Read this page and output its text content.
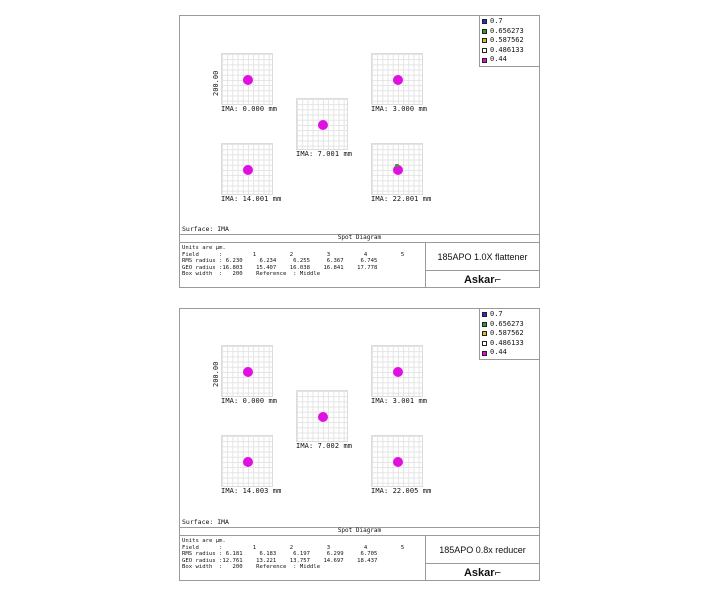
200.00
IMA: 0.000 mm	IMA: 3.000 mm
IMA: 7.001 mm
IMA: 14.001 mm	IMA: 22.001 mm
Surface: IMA
0.7
0.656273
0.587562
0.486133
0.44
Spot Diagram
Units are µm.
Field      :         1          2          3          4          5
RMS radius : 6.230     6.234     6.255     6.367     6.745
GEO radius :16.803    15.407    16.038    16.841    17.778
Box width  :   200    Reference  : Middle
185APO 1.0X flattener
Askar⌐
200.00
IMA: 0.000 mm	IMA: 3.001 mm
IMA: 7.002 mm
IMA: 14.003 mm	IMA: 22.005 mm
Surface: IMA
0.7
0.656273
0.587562
0.486133
0.44
Spot Diagram
Units are µm.
Field      :         1          2          3          4          5
RMS radius : 6.181     6.183     6.197     6.299     6.705
GEO radius :12.761    13.221    13.757    14.697    18.437
Box width  :   200    Reference  : Middle
185APO 0.8x reducer
Askar⌐
